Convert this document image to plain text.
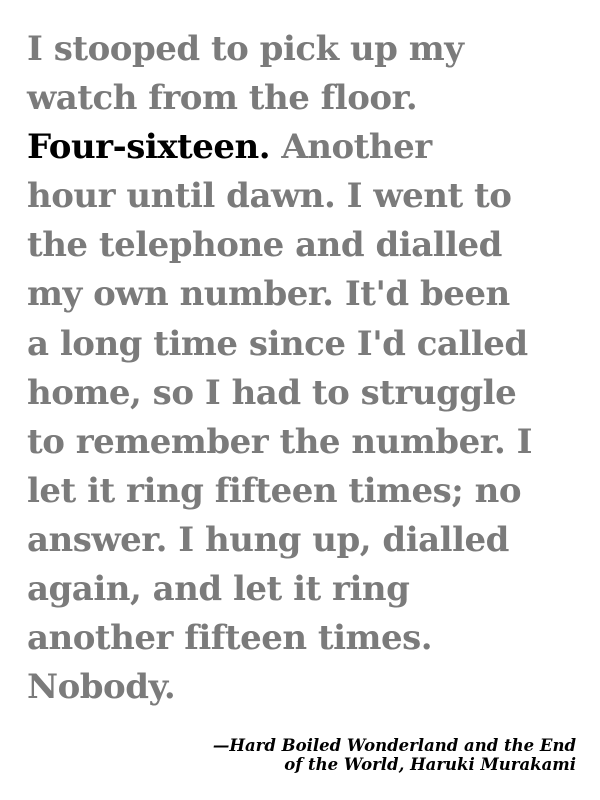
I stooped to pick up my
watch from the floor.
Four-sixteen. Another
hour until dawn. I went to
the telephone and dialled
my own number. It'd been
a long time since I'd called
home, so I had to struggle
to remember the number. I
let it ring fifteen times; no
answer. I hung up, dialled
again, and let it ring
another fifteen times.
Nobody.

—Hard Boiled Wonderland and the End
of the World, Haruki Murakami
